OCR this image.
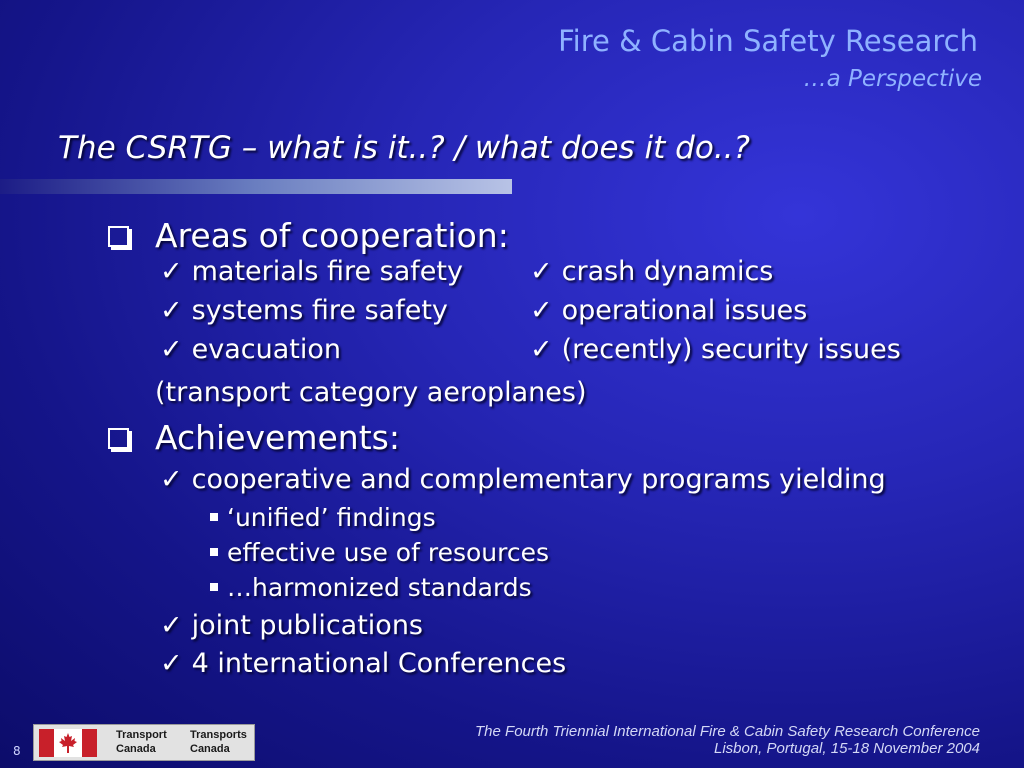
Fire & Cabin Safety Research
…a Perspective
The CSRTG – what is it..? / what does it do..?
Areas of cooperation:
✓ materials fire safety
✓ systems fire safety
✓ evacuation
✓ crash dynamics
✓ operational issues
✓ (recently) security issues
(transport category aeroplanes)
Achievements:
✓ cooperative and complementary programs yielding
‘unified’ findings
effective use of resources
…harmonized standards
✓ joint publications
✓ 4 international Conferences
8
Transport
Canada
Transports
Canada
The Fourth Triennial International Fire & Cabin Safety Research Conference
Lisbon, Portugal, 15-18 November 2004
